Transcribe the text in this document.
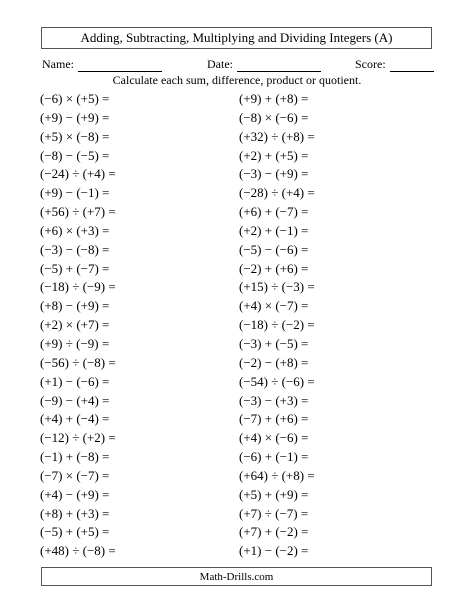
Adding, Subtracting, Multiplying and Dividing Integers (A)
Name:	Date:	Score:
Calculate each sum, difference, product or quotient.
(−6) × (+5) =
(+9) − (+9) =
(+5) × (−8) =
(−8) − (−5) =
(−24) ÷ (+4) =
(+9) − (−1) =
(+56) ÷ (+7) =
(+6) × (+3) =
(−3) − (−8) =
(−5) + (−7) =
(−18) ÷ (−9) =
(+8) − (+9) =
(+2) × (+7) =
(+9) ÷ (−9) =
(−56) ÷ (−8) =
(+1) − (−6) =
(−9) − (+4) =
(+4) + (−4) =
(−12) ÷ (+2) =
(−1) + (−8) =
(−7) × (−7) =
(+4) − (+9) =
(+8) + (+3) =
(−5) + (+5) =
(+48) ÷ (−8) =
(+9) + (+8) =
(−8) × (−6) =
(+32) ÷ (+8) =
(+2) + (+5) =
(−3) − (+9) =
(−28) ÷ (+4) =
(+6) + (−7) =
(+2) + (−1) =
(−5) − (−6) =
(−2) + (+6) =
(+15) ÷ (−3) =
(+4) × (−7) =
(−18) ÷ (−2) =
(−3) + (−5) =
(−2) − (+8) =
(−54) ÷ (−6) =
(−3) − (+3) =
(−7) + (+6) =
(+4) × (−6) =
(−6) + (−1) =
(+64) ÷ (+8) =
(+5) + (+9) =
(+7) ÷ (−7) =
(+7) + (−2) =
(+1) − (−2) =
Math-Drills.com
